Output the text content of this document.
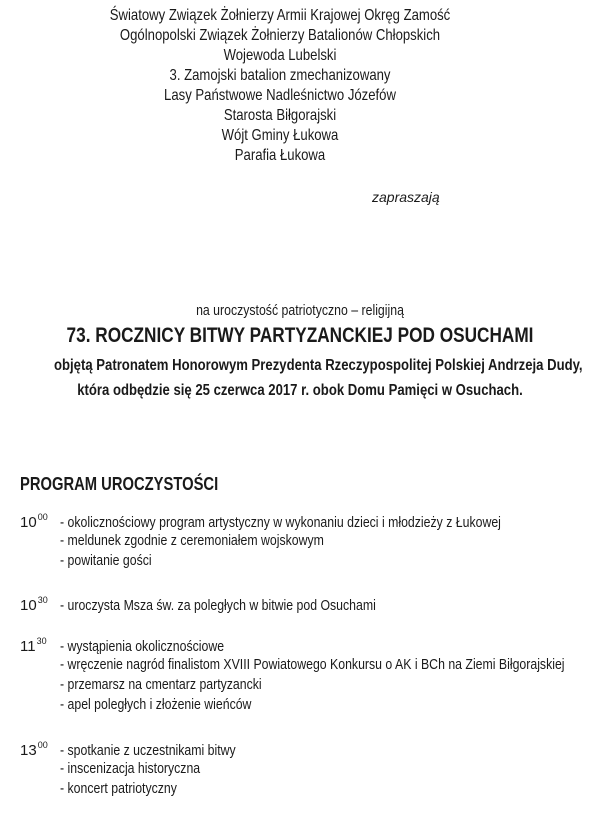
Światowy Związek Żołnierzy Armii Krajowej Okręg Zamość
Ogólnopolski Związek Żołnierzy Batalionów Chłopskich
Wojewoda Lubelski
3. Zamojski batalion zmechanizowany
Lasy Państwowe Nadleśnictwo Józefów
Starosta Biłgorajski
Wójt Gminy Łukowa
Parafia Łukowa
zapraszają
na uroczystość patriotyczno – religijną
73. ROCZNICY BITWY PARTYZANCKIEJ POD OSUCHAMI
objętą Patronatem Honorowym Prezydenta Rzeczypospolitej Polskiej Andrzeja Dudy,
która odbędzie się 25 czerwca 2017 r. obok Domu Pamięci w Osuchach.
PROGRAM UROCZYSTOŚCI
$10^{00}$ - okolicznościowy program artystyczny w wykonaniu dzieci i młodzieży z Łukowej
- meldunek zgodnie z ceremoniałem wojskowym
- powitanie gości
$10^{30}$ - uroczysta Msza św. za poległych w bitwie pod Osuchami
$11^{30}$ - wystąpienia okolicznościowe
- wręczenie nagród finalistom XVIII Powiatowego Konkursu o AK i BCh na Ziemi Biłgorajskiej
- przemarsz na cmentarz partyzancki
- apel poległych i złożenie wieńców
$13^{00}$ - spotkanie z uczestnikami bitwy
- inscenizacja historyczna
- koncert patriotyczny
